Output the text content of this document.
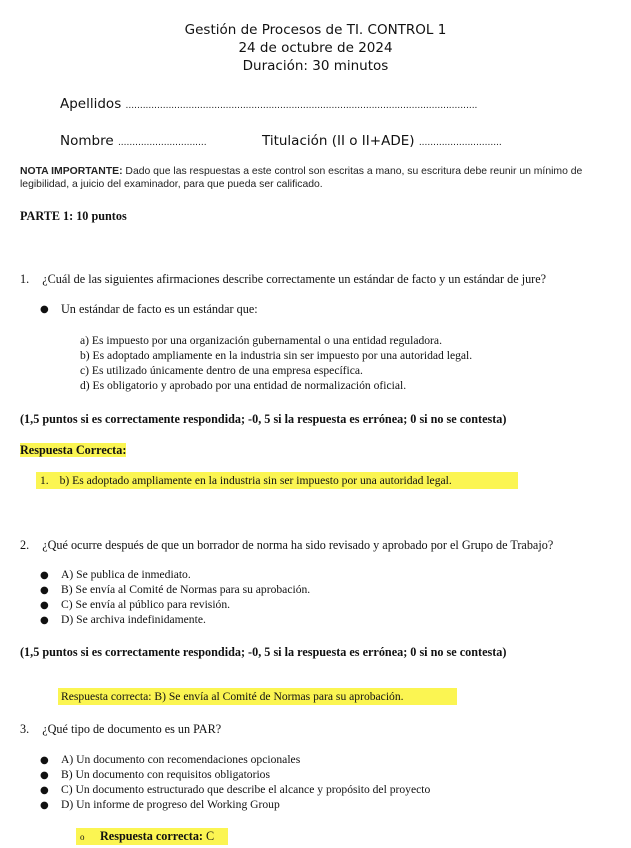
Gestión de Procesos de TI. CONTROL 1
24 de octubre de 2024
Duración: 30 minutos
Apellidos ...........................................................................................................................
Nombre ...............................	Titulación (II o II+ADE) .............................
NOTA IMPORTANTE: Dado que las respuestas a este control son escritas a mano, su escritura debe reunir un mínimo de legibilidad, a juicio del examinador, para que pueda ser calificado.
PARTE 1: 10 puntos
1. ¿Cuál de las siguientes afirmaciones describe correctamente un estándar de facto y un estándar de jure?
● Un estándar de facto es un estándar que:
a) Es impuesto por una organización gubernamental o una entidad reguladora.
b) Es adoptado ampliamente en la industria sin ser impuesto por una autoridad legal.
c) Es utilizado únicamente dentro de una empresa específica.
d) Es obligatorio y aprobado por una entidad de normalización oficial.
(1,5 puntos si es correctamente respondida; -0, 5 si la respuesta es errónea; 0 si no se contesta)
Respuesta Correcta:
1. b) Es adoptado ampliamente en la industria sin ser impuesto por una autoridad legal.
2. ¿Qué ocurre después de que un borrador de norma ha sido revisado y aprobado por el Grupo de Trabajo?
● A) Se publica de inmediato.
● B) Se envía al Comité de Normas para su aprobación.
● C) Se envía al público para revisión.
● D) Se archiva indefinidamente.
(1,5 puntos si es correctamente respondida; -0, 5 si la respuesta es errónea; 0 si no se contesta)
Respuesta correcta: B) Se envía al Comité de Normas para su aprobación.
3. ¿Qué tipo de documento es un PAR?
● A) Un documento con recomendaciones opcionales
● B) Un documento con requisitos obligatorios
● C) Un documento estructurado que describe el alcance y propósito del proyecto
● D) Un informe de progreso del Working Group
o Respuesta correcta: C
